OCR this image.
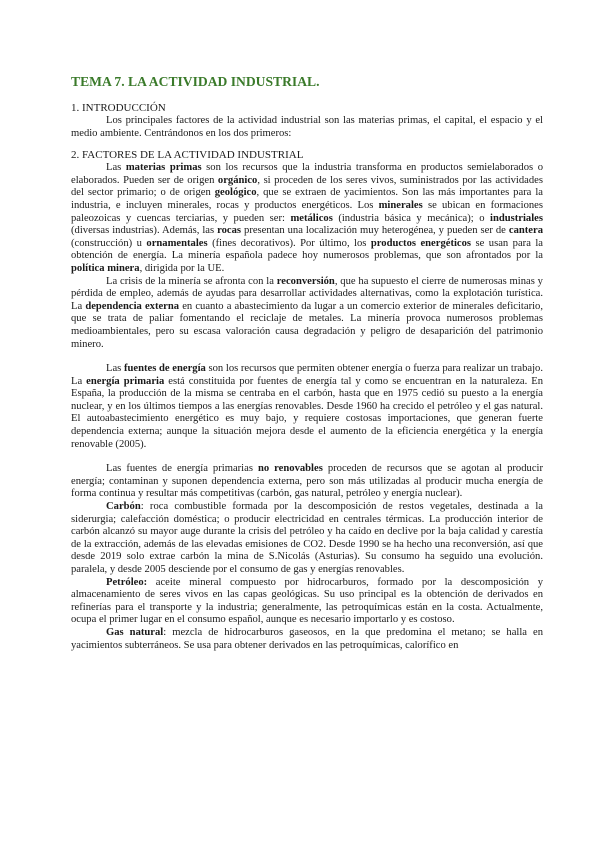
TEMA 7. LA ACTIVIDAD INDUSTRIAL.
1. INTRODUCCIÓN

Los principales factores de la actividad industrial son las materias primas, el capital, el espacio y el medio ambiente. Centrándonos en los dos primeros:

2. FACTORES DE LA ACTIVIDAD INDUSTRIAL

Las materias primas son los recursos que la industria transforma en productos semielaborados o elaborados. Pueden ser de origen orgánico, si proceden de los seres vivos, suministrados por las actividades del sector primario; o de origen geológico, que se extraen de yacimientos. Son las más importantes para la industria, e incluyen minerales, rocas y productos energéticos. Los minerales se ubican en formaciones paleozoicas y cuencas terciarias, y pueden ser: metálicos (industria básica y mecánica); o industriales (diversas industrias). Además, las rocas presentan una localización muy heterogénea, y pueden ser de cantera (construcción) u ornamentales (fines decorativos). Por último, los productos energéticos se usan para la obtención de energía. La minería española padece hoy numerosos problemas, que son afrontados por la política minera, dirigida por la UE.

La crisis de la minería se afronta con la reconversión, que ha supuesto el cierre de numerosas minas y pérdida de empleo, además de ayudas para desarrollar actividades alternativas, como la explotación turística. La dependencia externa en cuanto a abastecimiento da lugar a un comercio exterior de minerales deficitario, que se trata de paliar fomentando el reciclaje de metales. La minería provoca numerosos problemas medioambientales, pero su escasa valoración causa degradación y peligro de desaparición del patrimonio minero.

Las fuentes de energía son los recursos que permiten obtener energía o fuerza para realizar un trabajo. La energía primaria está constituida por fuentes de energía tal y como se encuentran en la naturaleza. En España, la producción de la misma se centraba en el carbón, hasta que en 1975 cedió su puesto a la energía nuclear, y en los últimos tiempos a las energías renovables. Desde 1960 ha crecido el petróleo y el gas natural. El autoabastecimiento energético es muy bajo, y requiere costosas importaciones, que generan fuerte dependencia externa; aunque la situación mejora desde el aumento de la eficiencia energética y la energía renovable (2005).

Las fuentes de energía primarias no renovables proceden de recursos que se agotan al producir energía; contaminan y suponen dependencia externa, pero son más utilizadas al producir mucha energía de forma continua y resultar más competitivas (carbón, gas natural, petróleo y energía nuclear).

Carbón: roca combustible formada por la descomposición de restos vegetales, destinada a la siderurgia; calefacción doméstica; o producir electricidad en centrales térmicas. La producción interior de carbón alcanzó su mayor auge durante la crisis del petróleo y ha caído en declive por la baja calidad y carestía de la extracción, además de las elevadas emisiones de CO2. Desde 1990 se ha hecho una reconversión, así que desde 2019 solo extrae carbón la mina de S.Nicolás (Asturias). Su consumo ha seguido una evolución. paralela, y desde 2005 desciende por el consumo de gas y energías renovables.

Petróleo: aceite mineral compuesto por hidrocarburos, formado por la descomposición y almacenamiento de seres vivos en las capas geológicas. Su uso principal es la obtención de derivados en refinerías para el transporte y la industria; generalmente, las petroquímicas están en la costa. Actualmente, ocupa el primer lugar en el consumo español, aunque es necesario importarlo y es costoso.

Gas natural: mezcla de hidrocarburos gaseosos, en la que predomina el metano; se halla en yacimientos subterráneos. Se usa para obtener derivados en las petroquímicas, calorífico en
